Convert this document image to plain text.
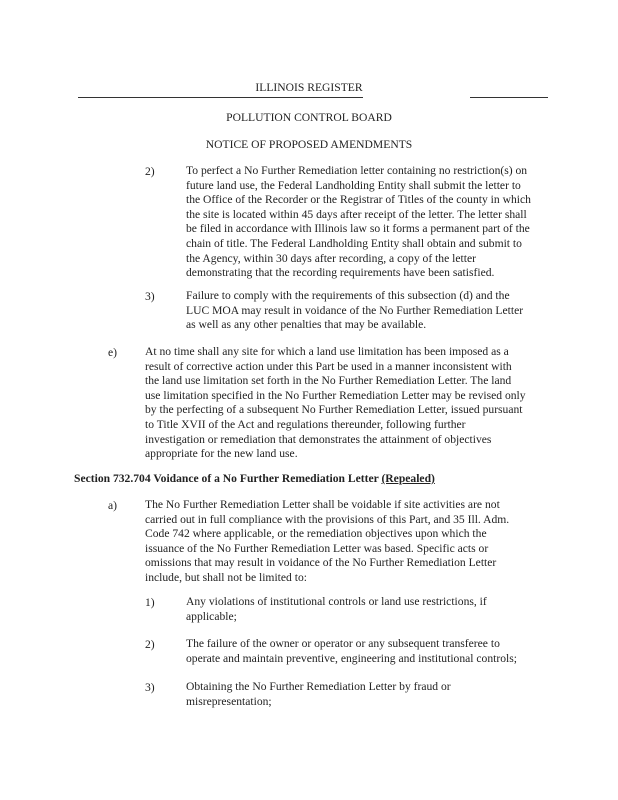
ILLINOIS REGISTER
POLLUTION CONTROL BOARD
NOTICE OF PROPOSED AMENDMENTS
2)	To perfect a No Further Remediation letter containing no restriction(s) on
future land use, the Federal Landholding Entity shall submit the letter to
the Office of the Recorder or the Registrar of Titles of the county in which
the site is located within 45 days after receipt of the letter. The letter shall
be filed in accordance with Illinois law so it forms a permanent part of the
chain of title. The Federal Landholding Entity shall obtain and submit to
the Agency, within 30 days after recording, a copy of the letter
demonstrating that the recording requirements have been satisfied.
3)	Failure to comply with the requirements of this subsection (d) and the
LUC MOA may result in voidance of the No Further Remediation Letter
as well as any other penalties that may be available.
e) At no time shall any site for which a land use limitation has been imposed as a
result of corrective action under this Part be used in a manner inconsistent with
the land use limitation set forth in the No Further Remediation Letter. The land
use limitation specified in the No Further Remediation Letter may be revised only
by the perfecting of a subsequent No Further Remediation Letter, issued pursuant
to Title XVII of the Act and regulations thereunder, following further
investigation or remediation that demonstrates the attainment of objectives
appropriate for the new land use.
a) The No Further Remediation Letter shall be voidable if site activities are not
carried out in full compliance with the provisions of this Part, and 35 Ill. Adm.
Code 742 where applicable, or the remediation objectives upon which the
issuance of the No Further Remediation Letter was based. Specific acts or
omissions that may result in voidance of the No Further Remediation Letter
include, but shall not be limited to:
1)	Any violations of institutional controls or land use restrictions, if
applicable;
2)	The failure of the owner or operator or any subsequent transferee to
operate and maintain preventive, engineering and institutional controls;
3)	Obtaining the No Further Remediation Letter by fraud or
misrepresentation;
Section 732.704 Voidance of a No Further Remediation Letter (Repealed)
